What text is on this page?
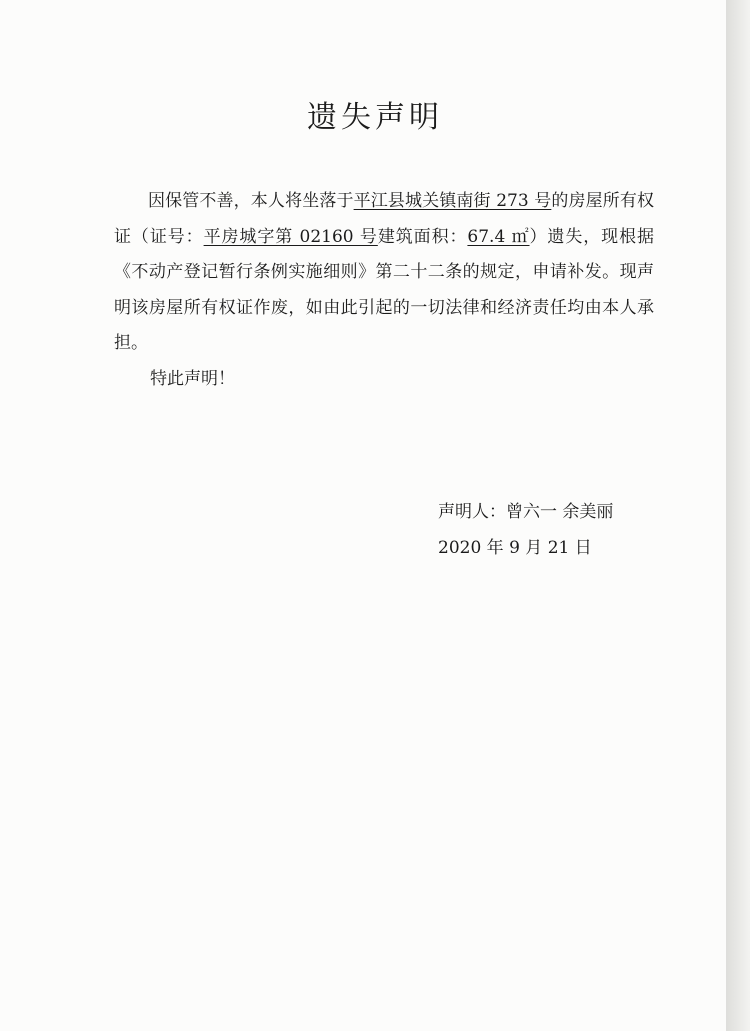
遗失声明

因保管不善，本人将坐落于平江县城关镇南街 273 号的房屋所有权证（证号：平房城字第 02160 号建筑面积：67.4 ㎡）遗失，现根据《不动产登记暂行条例实施细则》第二十二条的规定，申请补发。现声明该房屋所有权证作废，如由此引起的一切法律和经济责任均由本人承担。

特此声明！

声明人：曾六一 余美丽
2020 年 9 月 21 日
